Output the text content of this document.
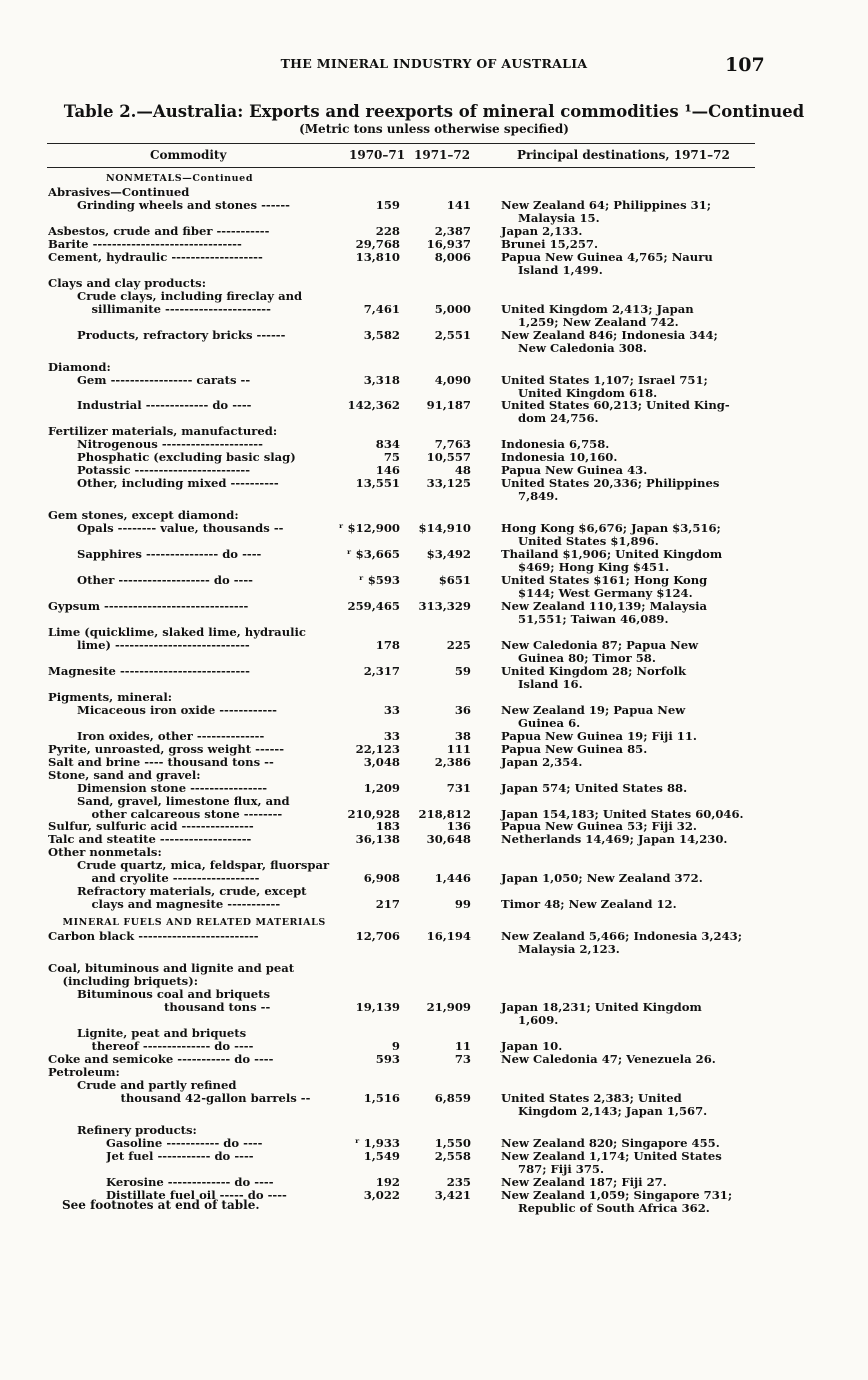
THE MINERAL INDUSTRY OF AUSTRALIA	107
Table 2.—Australia: Exports and reexports of mineral commodities ¹—Continued
(Metric tons unless otherwise specified)
Commodity	1970–71 1971–72	Principal destinations, 1971–72
NONMETALS—Continued
Abrasives—Continued
Grinding wheels and stones ------	159	141	New Zealand 64; Philippines 31;
Malaysia 15.
Asbestos, crude and fiber -----------	228	2,387	Japan 2,133.
Barite -------------------------------	29,768	16,937	Brunei 15,257.
Cement, hydraulic -------------------	13,810	8,006	Papua New Guinea 4,765; Nauru
Island 1,499.
Clays and clay products:
Crude clays, including fireclay and
sillimanite ----------------------	7,461	5,000	United Kingdom 2,413; Japan
1,259; New Zealand 742.
Products, refractory bricks ------	3,582	2,551	New Zealand 846; Indonesia 344;
New Caledonia 308.
Diamond:
Gem ----------------- carats --	3,318	4,090	United States 1,107; Israel 751;
United Kingdom 618.
Industrial ------------- do ----	142,362	91,187	United States 60,213; United King-
dom 24,756.
Fertilizer materials, manufactured:
Nitrogenous ---------------------	834	7,763	Indonesia 6,758.
Phosphatic (excluding basic slag)	75	10,557	Indonesia 10,160.
Potassic ------------------------	146	48	Papua New Guinea 43.
Other, including mixed ----------	13,551	33,125	United States 20,336; Philippines
7,849.
Gem stones, except diamond:
Opals -------- value, thousands --	ʳ $12,900	$14,910	Hong Kong $6,676; Japan $3,516;
United States $1,896.
Sapphires --------------- do ----	ʳ $3,665	$3,492	Thailand $1,906; United Kingdom
$469; Hong King $451.
Other ------------------- do ----	ʳ $593	$651	United States $161; Hong Kong
$144; West Germany $124.
Gypsum ------------------------------	259,465	313,329	New Zealand 110,139; Malaysia
51,551; Taiwan 46,089.
Lime (quicklime, slaked lime, hydraulic
lime) ----------------------------	178	225	New Caledonia 87; Papua New
Guinea 80; Timor 58.
Magnesite ---------------------------	2,317	59	United Kingdom 28; Norfolk
Island 16.
Pigments, mineral:
Micaceous iron oxide ------------	33	36	New Zealand 19; Papua New
Guinea 6.
Iron oxides, other --------------	33	38	Papua New Guinea 19; Fiji 11.
Pyrite, unroasted, gross weight ------	22,123	111	Papua New Guinea 85.
Salt and brine ---- thousand tons --	3,048	2,386	Japan 2,354.
Stone, sand and gravel:
Dimension stone ----------------	1,209	731	Japan 574; United States 88.
Sand, gravel, limestone flux, and
other calcareous stone --------	210,928	218,812	Japan 154,183; United States 60,046.
Sulfur, sulfuric acid ---------------	183	136	Papua New Guinea 53; Fiji 32.
Talc and steatite -------------------	36,138	30,648	Netherlands 14,469; Japan 14,230.
Other nonmetals:
Crude quartz, mica, feldspar, fluorspar
and cryolite ------------------	6,908	1,446	Japan 1,050; New Zealand 372.
Refractory materials, crude, except
clays and magnesite -----------	217	99	Timor 48; New Zealand 12.
MINERAL FUELS AND RELATED MATERIALS
Carbon black -------------------------	12,706	16,194	New Zealand 5,466; Indonesia 3,243;
Malaysia 2,123.
Coal, bituminous and lignite and peat
(including briquets):
Bituminous coal and briquets
thousand tons --	19,139	21,909	Japan 18,231; United Kingdom
1,609.
Lignite, peat and briquets
thereof -------------- do ----	9	11	Japan 10.
Coke and semicoke ----------- do ----	593	73	New Caledonia 47; Venezuela 26.
Petroleum:
Crude and partly refined
thousand 42-gallon barrels --	1,516	6,859	United States 2,383; United
Kingdom 2,143; Japan 1,567.
Refinery products:
Gasoline ----------- do ----	ʳ 1,933	1,550	New Zealand 820; Singapore 455.
Jet fuel ----------- do ----	1,549	2,558	New Zealand 1,174; United States
787; Fiji 375.
Kerosine ------------- do ----	192	235	New Zealand 187; Fiji 27.
Distillate fuel oil ----- do ----	3,022	3,421	New Zealand 1,059; Singapore 731;
Republic of South Africa 362.
See footnotes at end of table.
